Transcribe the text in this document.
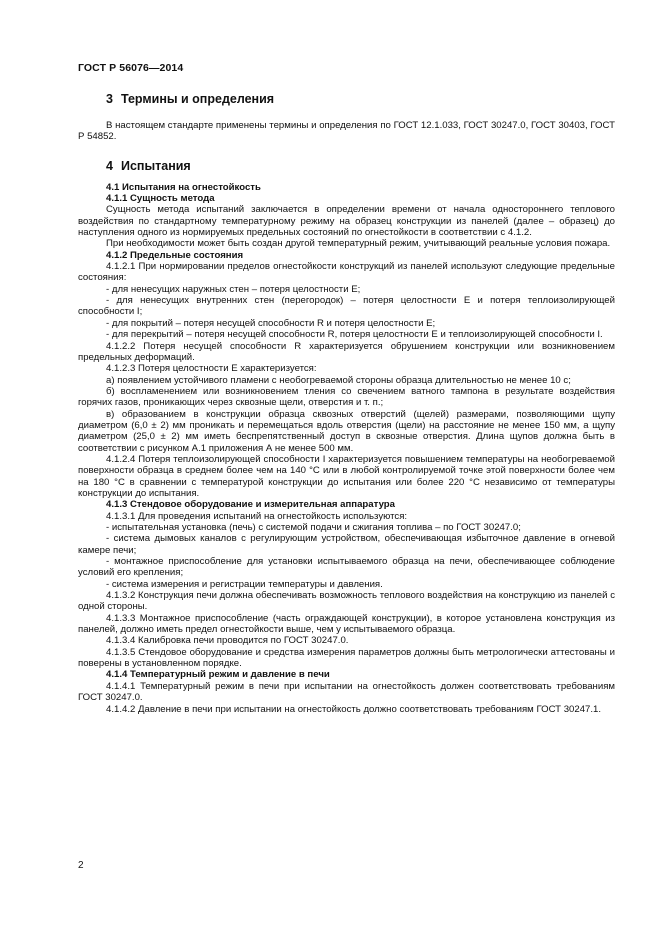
ГОСТ Р 56076—2014
3 Термины и определения

В настоящем стандарте применены термины и определения по ГОСТ 12.1.033, ГОСТ 30247.0, ГОСТ 30403, ГОСТ Р 54852.

4 Испытания

4.1 Испытания на огнестойкость

4.1.1 Сущность метода

Сущность метода испытаний заключается в определении времени от начала одностороннего теплового воздействия по стандартному температурному режиму на образец конструкции из панелей (далее – образец) до наступления одного из нормируемых предельных состояний по огнестойкости в соответствии с 4.1.2.

При необходимости может быть создан другой температурный режим, учитывающий реальные условия пожара.

4.1.2 Предельные состояния

4.1.2.1 При нормировании пределов огнестойкости конструкций из панелей используют следующие предельные состояния:

- для ненесущих наружных стен – потеря целостности E;

- для ненесущих внутренних стен (перегородок) – потеря целостности E и потеря теплоизолирующей способности I;

- для покрытий – потеря несущей способности R и потеря целостности E;

- для перекрытий – потеря несущей способности R, потеря целостности E и теплоизолирующей способности I.

4.1.2.2 Потеря несущей способности R характеризуется обрушением конструкции или возникновением предельных деформаций.

4.1.2.3 Потеря целостности E характеризуется:

а) появлением устойчивого пламени с необогреваемой стороны образца длительностью не менее 10 с;

б) воспламенением или возникновением тления со свечением ватного тампона в результате воздействия горячих газов, проникающих через сквозные щели, отверстия и т. п.;

в) образованием в конструкции образца сквозных отверстий (щелей) размерами, позволяющими щупу диаметром (6,0 ± 2) мм проникать и перемещаться вдоль отверстия (щели) на расстояние не менее 150 мм, а щупу диаметром (25,0 ± 2) мм иметь беспрепятственный доступ в сквозные отверстия. Длина щупов должна быть в соответствии с рисунком А.1 приложения А не менее 500 мм.

4.1.2.4 Потеря теплоизолирующей способности I характеризуется повышением температуры на необогреваемой поверхности образца в среднем более чем на 140 °С или в любой контролируемой точке этой поверхности более чем на 180 °С в сравнении с температурой конструкции до испытания или более 220 °С независимо от температуры конструкции до испытания.

4.1.3 Стендовое оборудование и измерительная аппаратура

4.1.3.1 Для проведения испытаний на огнестойкость используются:

- испытательная установка (печь) с системой подачи и сжигания топлива – по ГОСТ 30247.0;

- система дымовых каналов с регулирующим устройством, обеспечивающая избыточное давление в огневой камере печи;

- монтажное приспособление для установки испытываемого образца на печи, обеспечивающее соблюдение условий его крепления;

- система измерения и регистрации температуры и давления.

4.1.3.2 Конструкция печи должна обеспечивать возможность теплового воздействия на конструкцию из панелей с одной стороны.

4.1.3.3 Монтажное приспособление (часть ограждающей конструкции), в которое установлена конструкция из панелей, должно иметь предел огнестойкости выше, чем у испытываемого образца.

4.1.3.4 Калибровка печи проводится по ГОСТ 30247.0.

4.1.3.5 Стендовое оборудование и средства измерения параметров должны быть метрологически аттестованы и поверены в установленном порядке.

4.1.4 Температурный режим и давление в печи

4.1.4.1 Температурный режим в печи при испытании на огнестойкость должен соответствовать требованиям ГОСТ 30247.0.

4.1.4.2 Давление в печи при испытании на огнестойкость должно соответствовать требованиям ГОСТ 30247.1.

2
